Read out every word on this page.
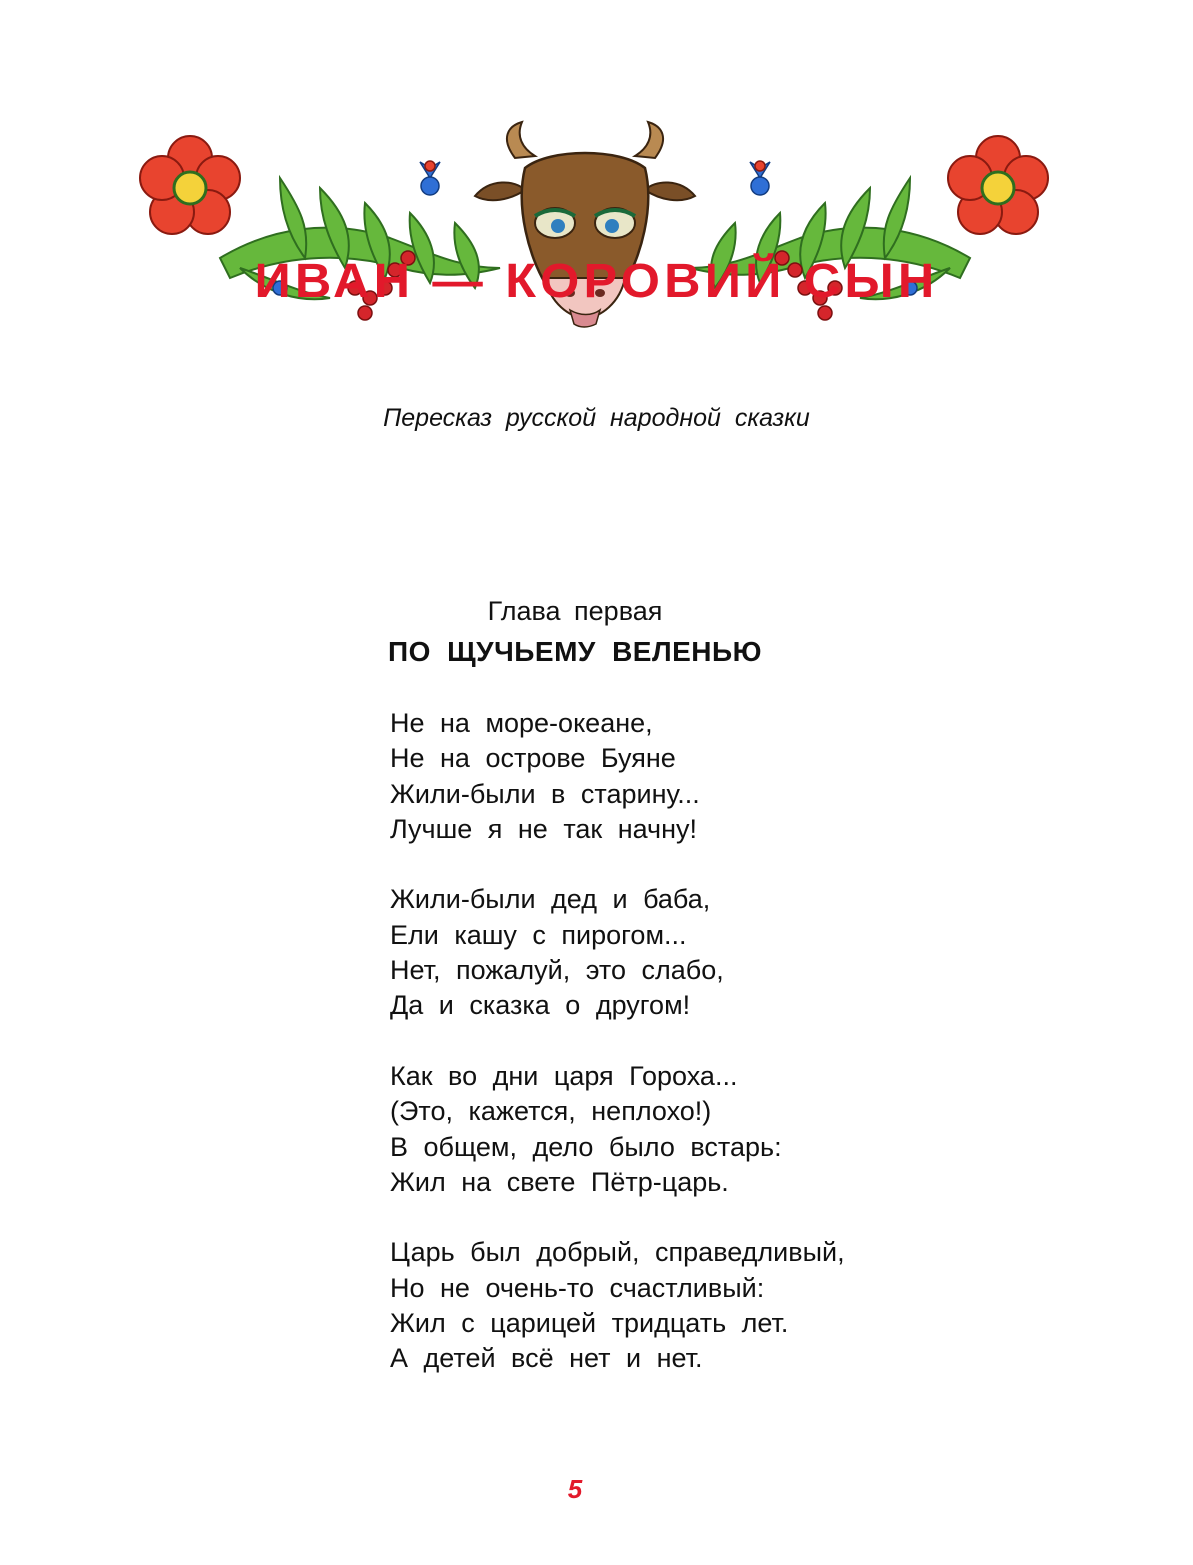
ИВАН — КОРОВИЙ СЫН
Пересказ русской народной сказки
Глава первая
ПО ЩУЧЬЕМУ ВЕЛЕНЬЮ
Не на море-океане,
Не на острове Буяне
Жили-были в старину...
Лучше я не так начну!
Жили-были дед и баба,
Ели кашу с пирогом...
Нет, пожалуй, это слабо,
Да и сказка о другом!
Как во дни царя Гороха...
(Это, кажется, неплохо!)
В общем, дело было встарь:
Жил на свете Пётр-царь.
Царь был добрый, справедливый,
Но не очень-то счастливый:
Жил с царицей тридцать лет.
А детей всё нет и нет.
5
